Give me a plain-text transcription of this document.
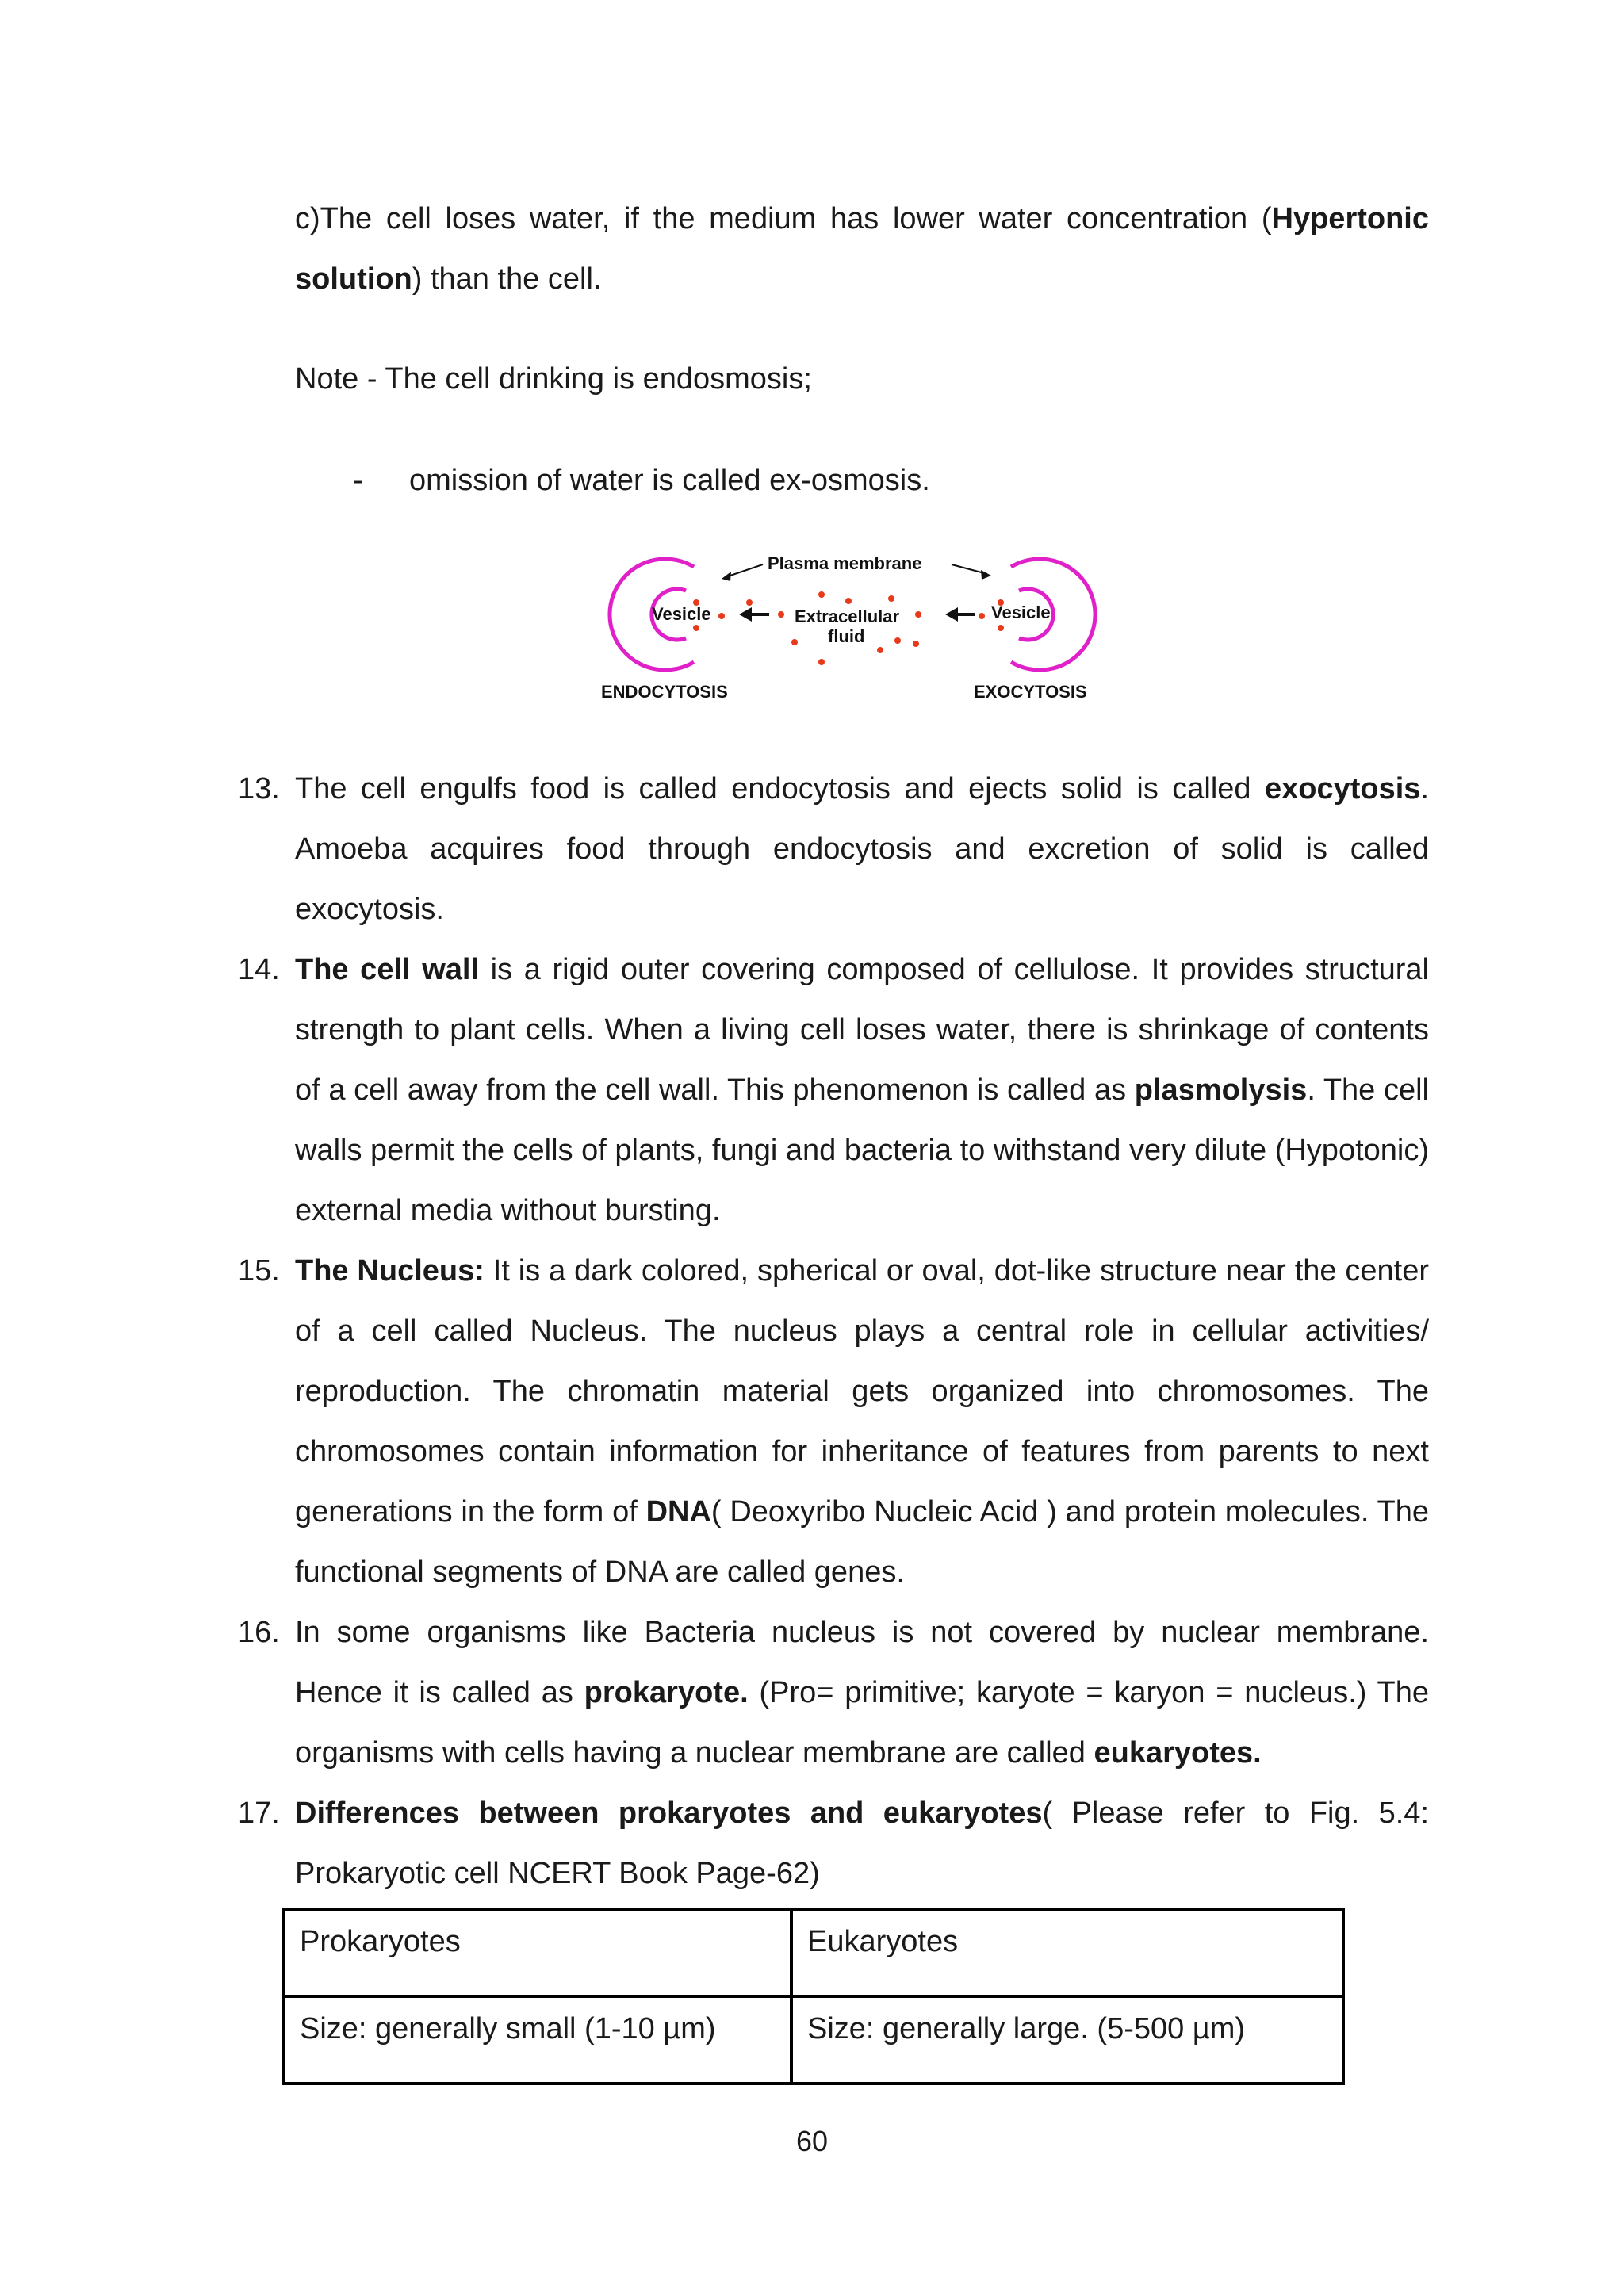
c)The cell loses water, if the medium has lower water concentration (Hypertonic solution) than the cell.

Note - The cell drinking is endosmosis;

- omission of water is called ex-osmosis.
Plasma membrane
Vesicle	Vesicle
Extracellular
fluid
ENDOCYTOSIS	EXOCYTOSIS
13. The cell engulfs food is called endocytosis and ejects solid is called exocytosis. Amoeba acquires food through endocytosis and excretion of solid is called exocytosis.
14. The cell wall is a rigid outer covering composed of cellulose. It provides structural strength to plant cells. When a living cell loses water, there is shrinkage of contents of a cell away from the cell wall. This phenomenon is called as plasmolysis. The cell walls permit the cells of plants, fungi and bacteria to withstand very dilute (Hypotonic) external media without bursting.
15. The Nucleus: It is a dark colored, spherical or oval, dot-like structure near the center of a cell called Nucleus. The nucleus plays a central role in cellular activities/ reproduction. The chromatin material gets organized into chromosomes. The chromosomes contain information for inheritance of features from parents to next generations in the form of DNA( Deoxyribo Nucleic Acid ) and protein molecules. The functional segments of DNA are called genes.
16. In some organisms like Bacteria nucleus is not covered by nuclear membrane. Hence it is called as prokaryote. (Pro= primitive; karyote = karyon = nucleus.) The organisms with cells having a nuclear membrane are called eukaryotes.
17. Differences between prokaryotes and eukaryotes( Please refer to Fig. 5.4: Prokaryotic cell NCERT Book Page-62)
Prokaryotes	Eukaryotes
Size: generally small (1-10 µm)	Size: generally large. (5-500 µm)
60
